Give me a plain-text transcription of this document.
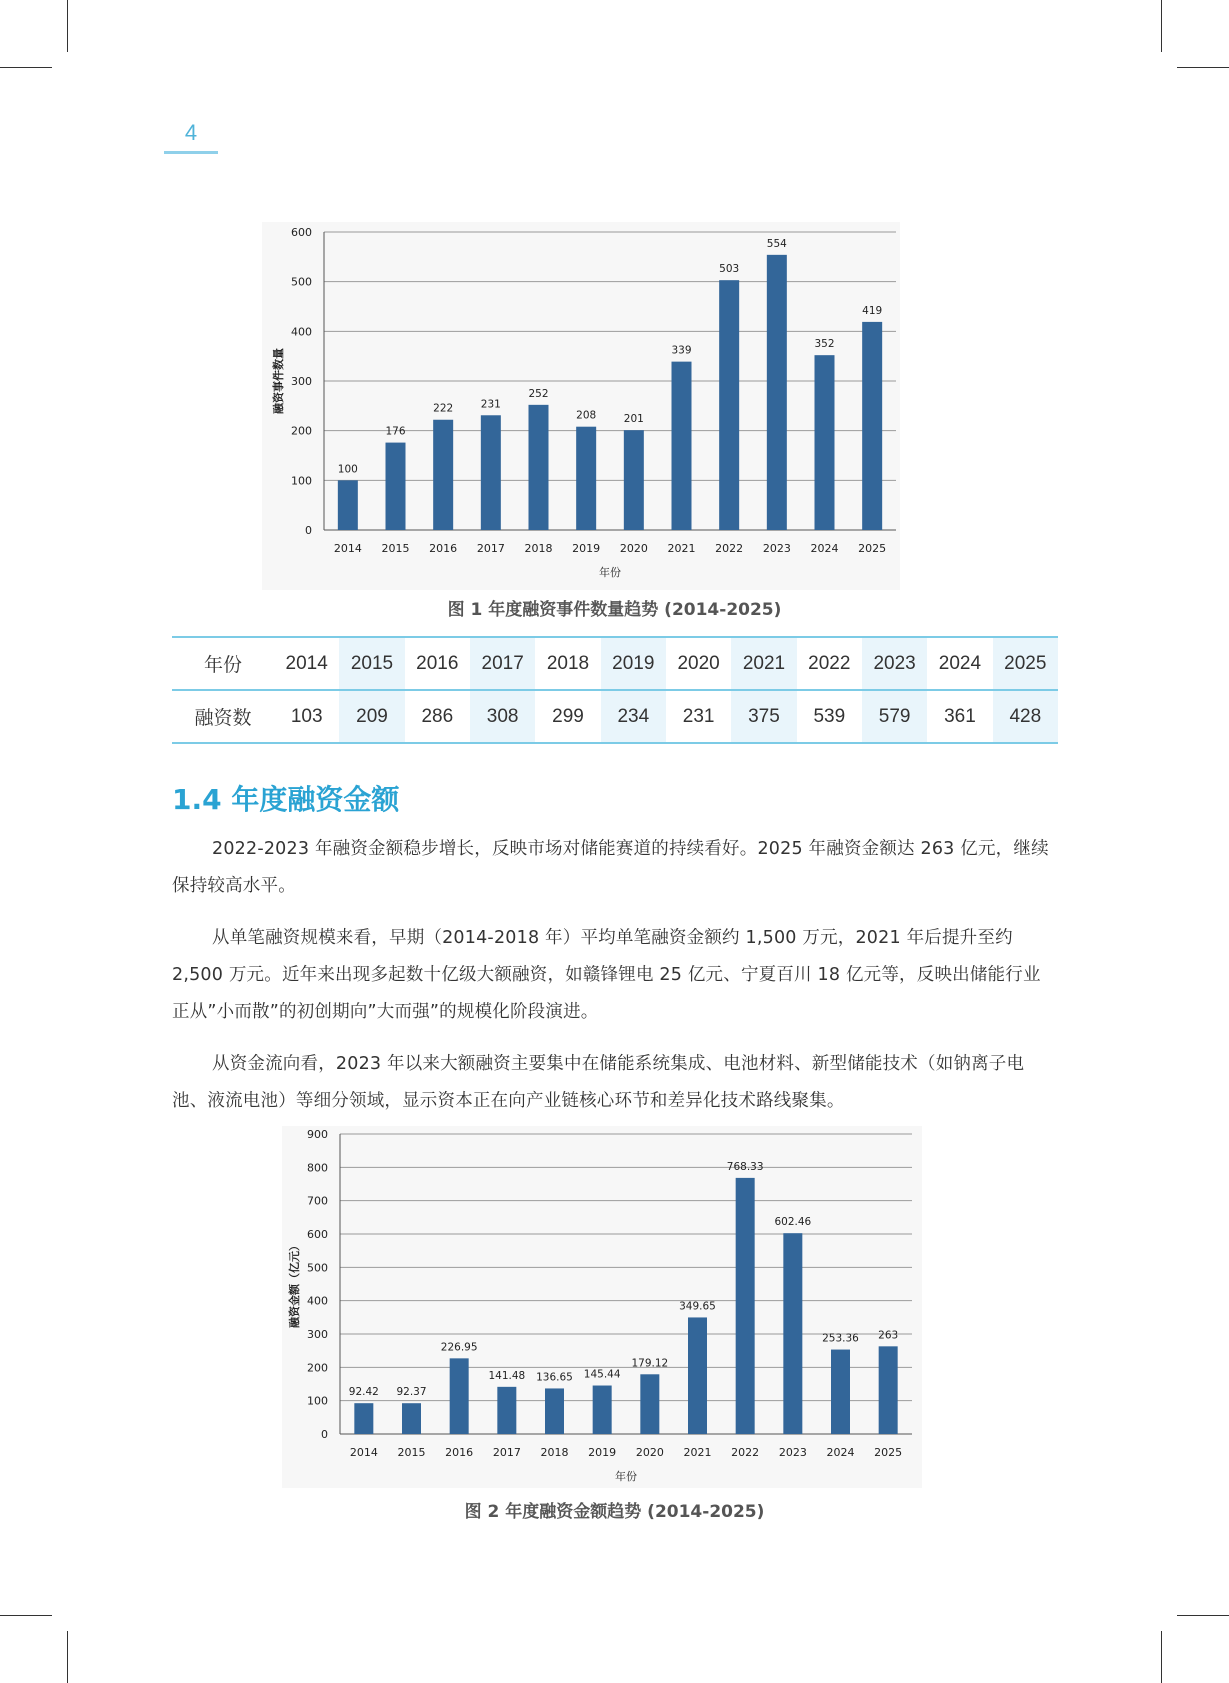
4
0
100
200
300
400
500
600
100
2014
176
2015
222
2016
231
2017
252
2018
208
2019
201
2020
339
2021
503
2022
554
2023
352
2024
419
2025
年份
融资事件数量
图 1 年度融资事件数量趋势 (2014-2025)
年份	2014	2015	2016	2017	2018	2019	2020	2021	2022	2023	2024	2025
融资数	103	209	286	308	299	234	231	375	539	579	361	428
1.4 年度融资金额

2022-2023 年融资金额稳步增长，反映市场对储能赛道的持续看好。2025 年融资金额达 263 亿元，继续保持较高水平。

从单笔融资规模来看，早期（2014-2018 年）平均单笔融资金额约 1,500 万元，2021 年后提升至约 2,500 万元。近年来出现多起数十亿级大额融资，如赣锋锂电 25 亿元、宁夏百川 18 亿元等，反映出储能行业正从”小而散”的初创期向”大而强”的规模化阶段演进。

从资金流向看，2023 年以来大额融资主要集中在储能系统集成、电池材料、新型储能技术（如钠离子电池、液流电池）等细分领域，显示资本正在向产业链核心环节和差异化技术路线聚集。

0
100
200
300
400
500
600
700
800
900
92.42
2014
92.37
2015
226.95
2016
141.48
2017
136.65
2018
145.44
2019
179.12
2020
349.65
2021
768.33
2022
602.46
2023
253.36
2024
263
2025
年份
融资金额（亿元）
图 2 年度融资金额趋势 (2014-2025)
